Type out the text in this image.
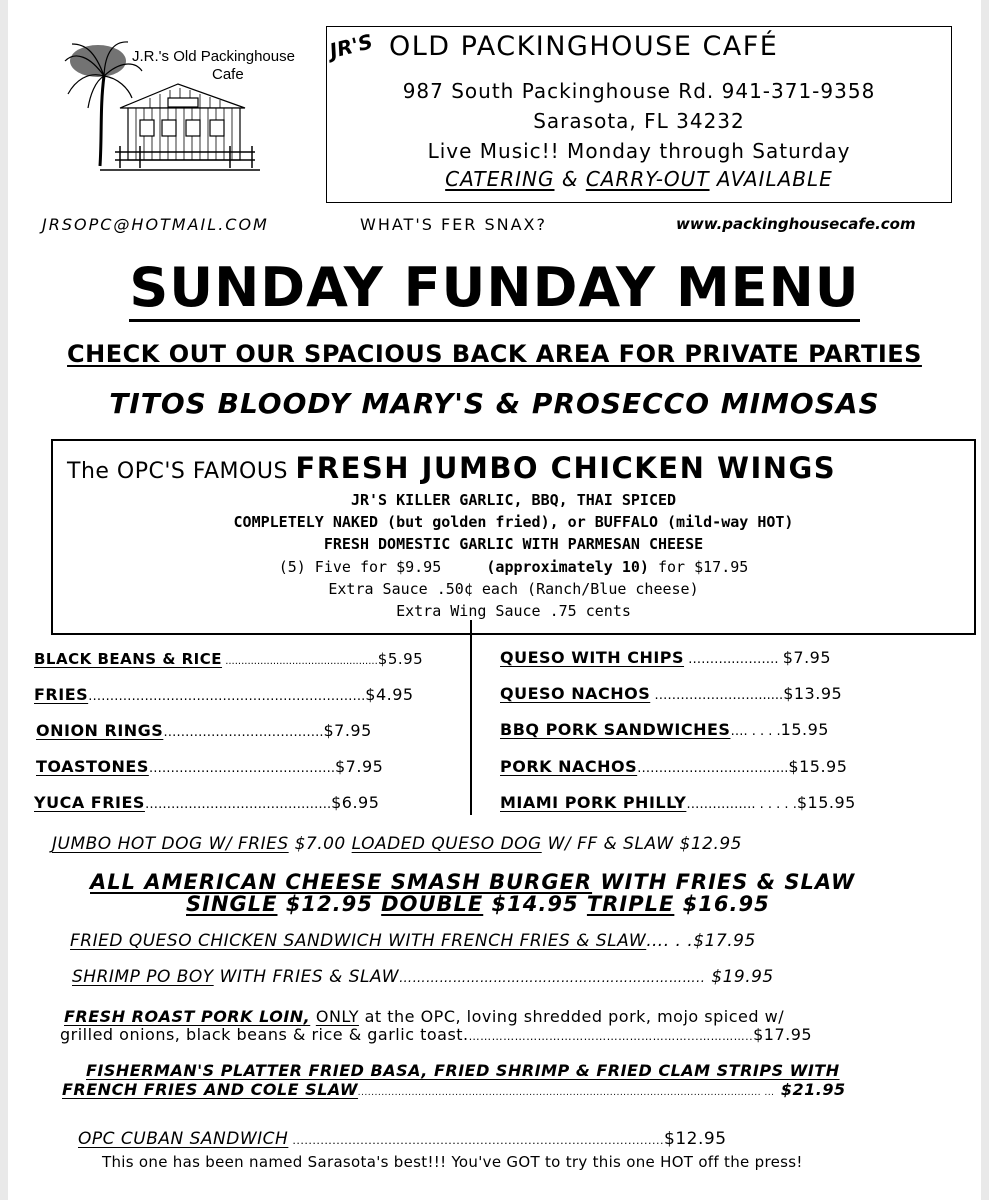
J.R.'s Old Packinghouse
Cafe
JR'S OLD PACKINGHOUSE CAFÉ
987 South Packinghouse Rd. 941-371-9358
Sarasota, FL 34232
Live Music!! Monday through Saturday
CATERING & CARRY-OUT AVAILABLE
JRSOPC@HOTMAIL.COM	WHAT'S FER SNAX?	www.packinghousecafe.com
SUNDAY FUNDAY MENU
CHECK OUT OUR SPACIOUS BACK AREA FOR PRIVATE PARTIES
TITOS BLOODY MARY'S & PROSECCO MIMOSAS
The OPC'S FAMOUS FRESH JUMBO CHICKEN WINGS
JR'S KILLER GARLIC, BBQ, THAI SPICED
COMPLETELY NAKED (but golden fried), or BUFFALO (mild-way HOT)
FRESH DOMESTIC GARLIC WITH PARMESAN CHEESE
(5) Five for $9.95	(approximately 10) for $17.95
Extra Sauce .50¢ each (Ranch/Blue cheese)
Extra Wing Sauce .75 cents
BLACK BEANS & RICE ................................................$5.95
FRIES……………………………………………………….$4.95
ONION RINGS……………………………….$7.95
TOASTONES…………………………………….$7.95
YUCA FRIES…………………………………….$6.95
QUESO WITH CHIPS ………..………. $7.95
QUESO NACHOS ……………………......$13.95
BBQ PORK SANDWICHES…. . . . .15.95
PORK NACHOS……………………………..$15.95
MIAMI PORK PHILLY……………. . . . . .$15.95
JUMBO HOT DOG W/ FRIES $7.00 LOADED QUESO DOG W/ FF & SLAW $12.95
ALL AMERICAN CHEESE SMASH BURGER WITH FRIES & SLAW
SINGLE $12.95 DOUBLE $14.95 TRIPLE $16.95
FRIED QUESO CHICKEN SANDWICH WITH FRENCH FRIES & SLAW…. . .$17.95
SHRIMP PO BOY WITH FRIES & SLAW………………………………………………………….. $19.95
FRESH ROAST PORK LOIN, ONLY at the OPC, loving shredded pork, mojo spiced w/
grilled onions, black beans & rice & garlic toast.…………………………………………………...…………..$17.95
FISHERMAN'S PLATTER FRIED BASA, FRIED SHRIMP & FRIED CLAM STRIPS WITH
FRENCH FRIES AND COLE SLAW........................................................................................................................ ... $21.95
OPC CUBAN SANDWICH .............................................................................................$12.95
This one has been named Sarasota's best!!! You've GOT to try this one HOT off the press!
